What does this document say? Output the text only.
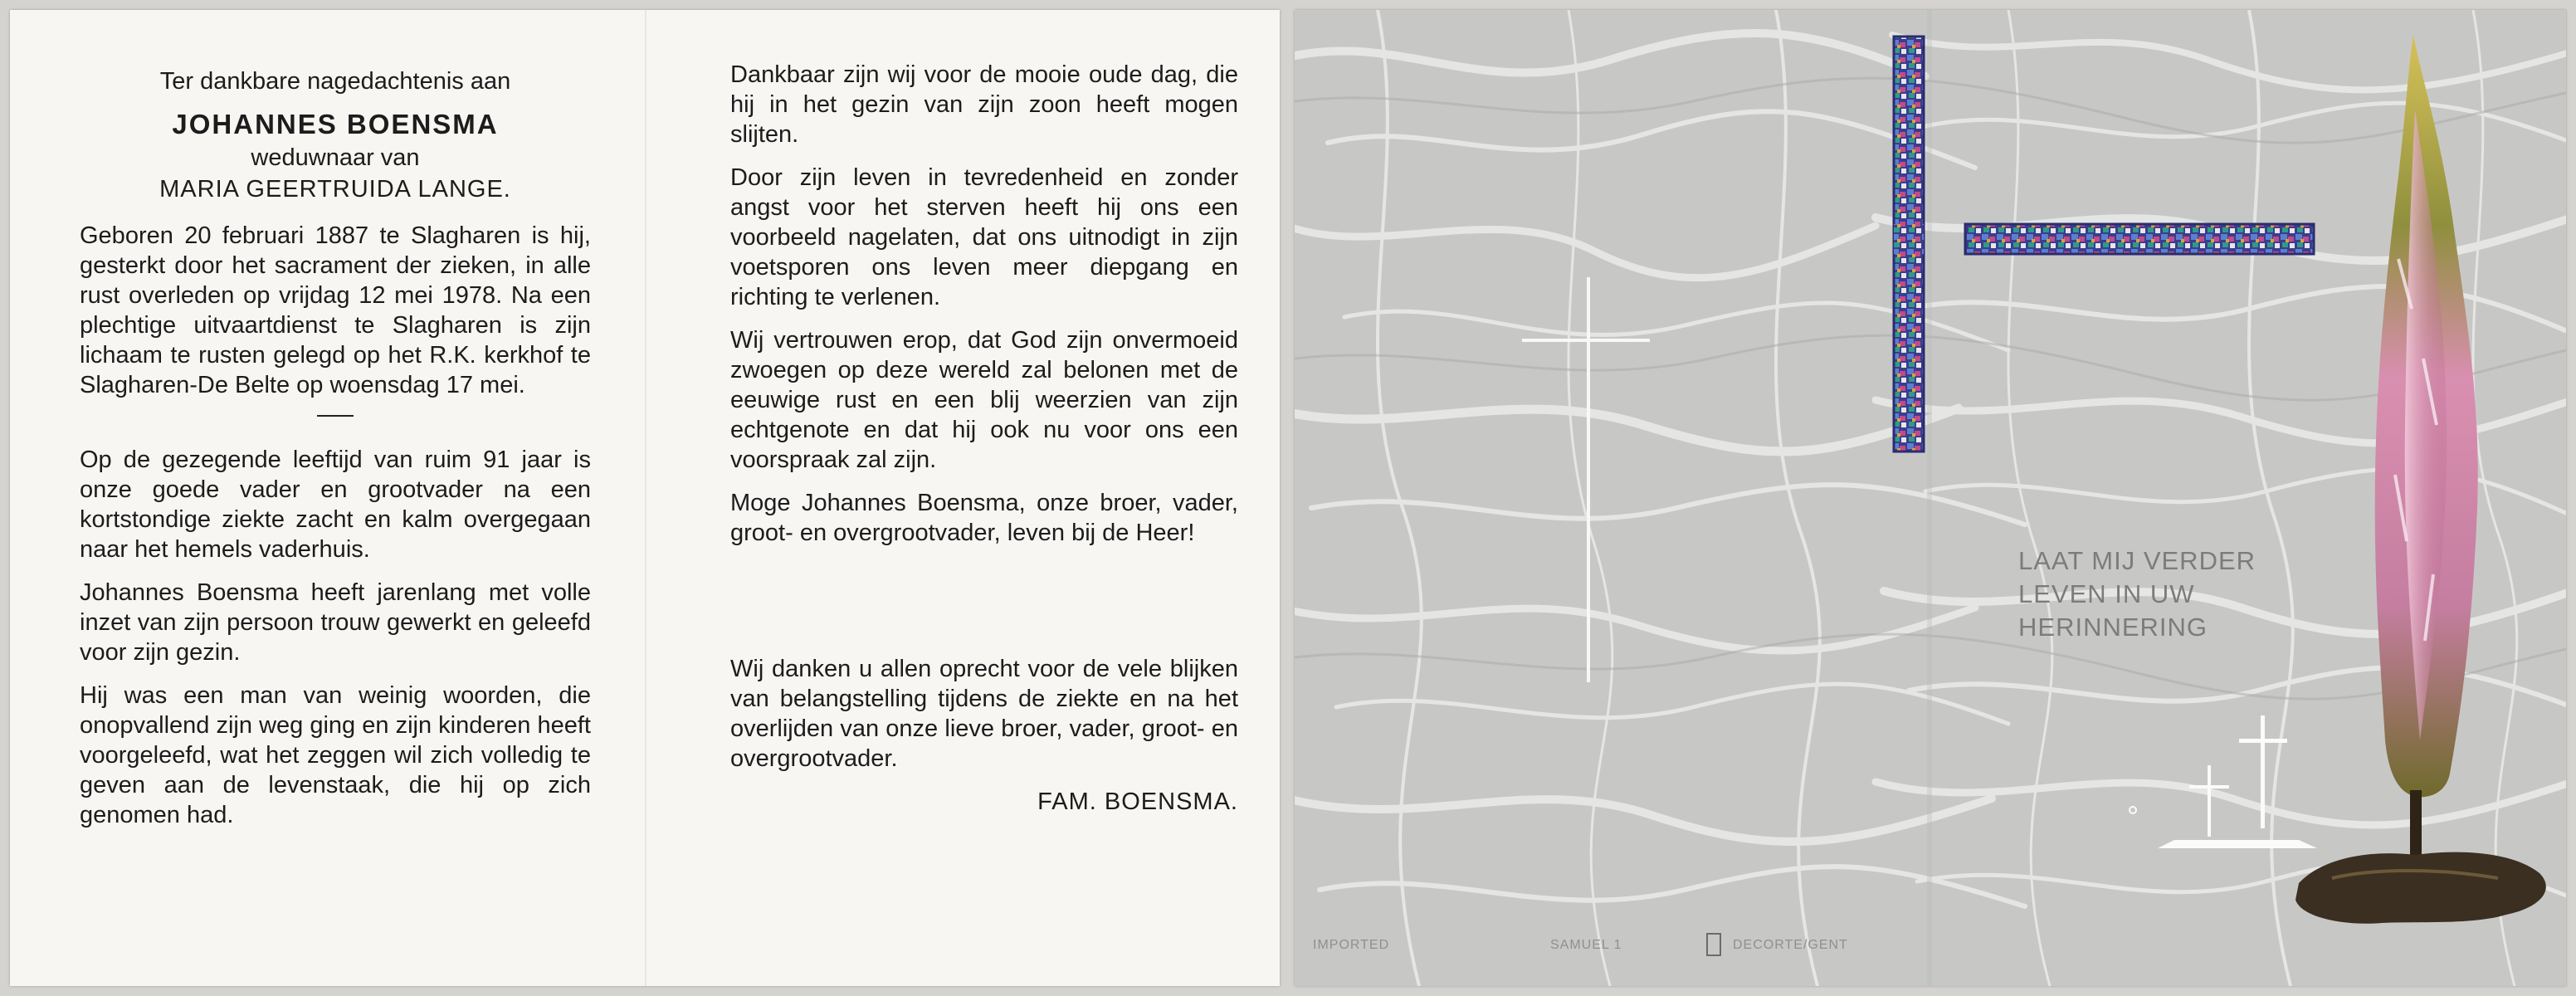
Ter dankbare nagedachtenis aan
JOHANNES BOENSMA
weduwnaar van
MARIA GEERTRUIDA LANGE.

Geboren 20 februari 1887 te Slagharen is hij, gesterkt door het sacrament der zieken, in alle rust overleden op vrijdag 12 mei 1978. Na een plechtige uitvaartdienst te Slagharen is zijn lichaam te rusten gelegd op het R.K. kerkhof te Slagharen-De Belte op woensdag 17 mei.

Op de gezegende leeftijd van ruim 91 jaar is onze goede vader en grootvader na een kortstondige ziekte zacht en kalm overgegaan naar het hemels vaderhuis.

Johannes Boensma heeft jarenlang met volle inzet van zijn persoon trouw gewerkt en geleefd voor zijn gezin.

Hij was een man van weinig woorden, die onopvallend zijn weg ging en zijn kinderen heeft voorgeleefd, wat het zeggen wil zich volledig te geven aan de levenstaak, die hij op zich genomen had.

Dankbaar zijn wij voor de mooie oude dag, die hij in het gezin van zijn zoon heeft mogen slijten.

Door zijn leven in tevredenheid en zonder angst voor het sterven heeft hij ons een voorbeeld nagelaten, dat ons uitnodigt in zijn voetsporen ons leven meer diepgang en richting te verlenen.

Wij vertrouwen erop, dat God zijn onvermoeid zwoegen op deze wereld zal belonen met de eeuwige rust en een blij weerzien van zijn echtgenote en dat hij ook nu voor ons een voorspraak zal zijn.

Moge Johannes Boensma, onze broer, vader, groot- en overgrootvader, leven bij de Heer!

Wij danken u allen oprecht voor de vele blijken van belangstelling tijdens de ziekte en na het overlijden van onze lieve broer, vader, groot- en overgrootvader.

FAM. BOENSMA.
LAAT MIJ VERDER
LEVEN IN UW
HERINNERING
IMPORTED	SAMUEL 1	DECORTE/GENT
